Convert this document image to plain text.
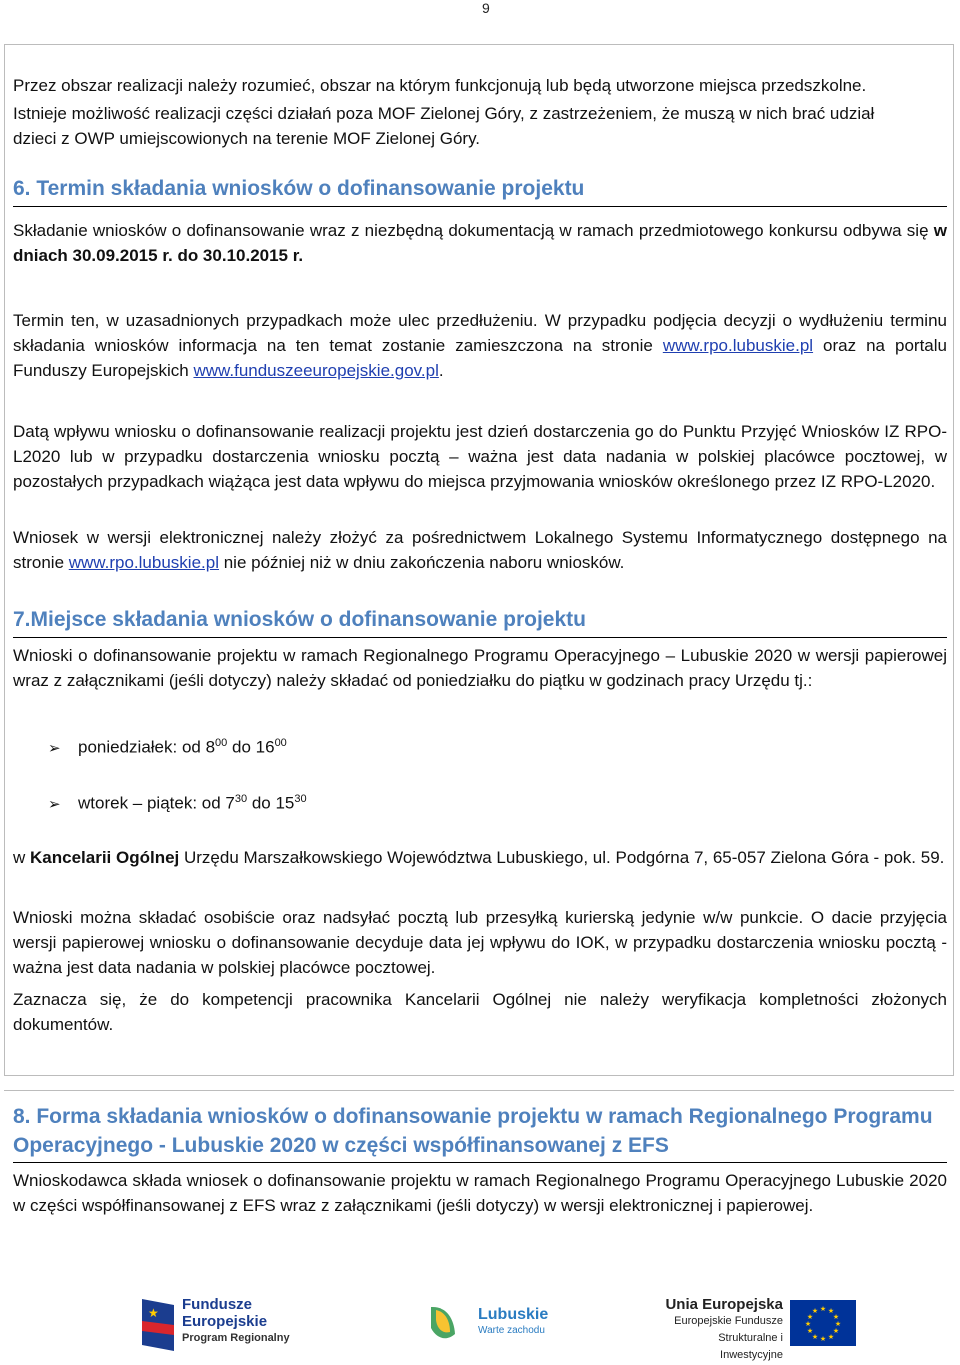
9

Przez obszar realizacji należy rozumieć, obszar na którym funkcjonują lub będą utworzone miejsca przedszkolne.

Istnieje możliwość realizacji części działań poza MOF Zielonej Góry, z zastrzeżeniem, że muszą w nich brać udział

dzieci z OWP umiejscowionych na terenie MOF Zielonej Góry.

6. Termin składania wniosków o dofinansowanie projektu

Składanie wniosków o dofinansowanie wraz z niezbędną dokumentacją w ramach przedmiotowego konkursu odbywa się w dniach 30.09.2015 r. do 30.10.2015 r.

Termin ten, w uzasadnionych przypadkach może ulec przedłużeniu. W przypadku podjęcia decyzji o wydłużeniu terminu składania wniosków informacja na ten temat zostanie zamieszczona na stronie www.rpo.lubuskie.pl oraz na portalu Funduszy Europejskich www.funduszeeuropejskie.gov.pl.

Datą wpływu wniosku o dofinansowanie realizacji projektu jest dzień dostarczenia go do Punktu Przyjęć Wniosków IZ RPO-L2020 lub w przypadku dostarczenia wniosku pocztą – ważna jest data nadania w polskiej placówce pocztowej, w pozostałych przypadkach wiążąca jest data wpływu do miejsca przyjmowania wniosków określonego przez IZ RPO-L2020.

Wniosek w wersji elektronicznej należy złożyć za pośrednictwem Lokalnego Systemu Informatycznego dostępnego na stronie www.rpo.lubuskie.pl nie później niż w dniu zakończenia naboru wniosków.

7.Miejsce składania wniosków o dofinansowanie projektu

Wnioski o dofinansowanie projektu w ramach Regionalnego Programu Operacyjnego – Lubuskie 2020 w wersji papierowej wraz z załącznikami (jeśli dotyczy) należy składać od poniedziałku do piątku w godzinach pracy Urzędu tj.:

➢ poniedziałek: od $8^{00}$ do $16^{00}$
➢ wtorek – piątek: od $7^{30}$ do $15^{30}$

w Kancelarii Ogólnej Urzędu Marszałkowskiego Województwa Lubuskiego, ul. Podgórna 7, 65-057 Zielona Góra - pok. 59.

Wnioski można składać osobiście oraz nadsyłać pocztą lub przesyłką kurierską jedynie w/w punkcie. O dacie przyjęcia wersji papierowej wniosku o dofinansowanie decyduje data jej wpływu do IOK, w przypadku dostarczenia wniosku pocztą - ważna jest data nadania w polskiej placówce pocztowej.

Zaznacza się, że do kompetencji pracownika Kancelarii Ogólnej nie należy weryfikacja kompletności złożonych dokumentów.

8. Forma składania wniosków o dofinansowanie projektu w ramach Regionalnego Programu
Operacyjnego - Lubuskie 2020 w części współfinansowanej z EFS

Wnioskodawca składa wniosek o dofinansowanie projektu w ramach Regionalnego Programu Operacyjnego Lubuskie 2020 w części współfinansowanej z EFS wraz z załącznikami (jeśli dotyczy) w wersji elektronicznej i papierowej.

★ Fundusze
Europejskie
Program Regionalny
Lubuskie
Warte zachodu
Unia Europejska
Europejskie Fundusze
Strukturalne i Inwestycyjne
★ ★
★
★
★
★
★
★
★
★
★
★
